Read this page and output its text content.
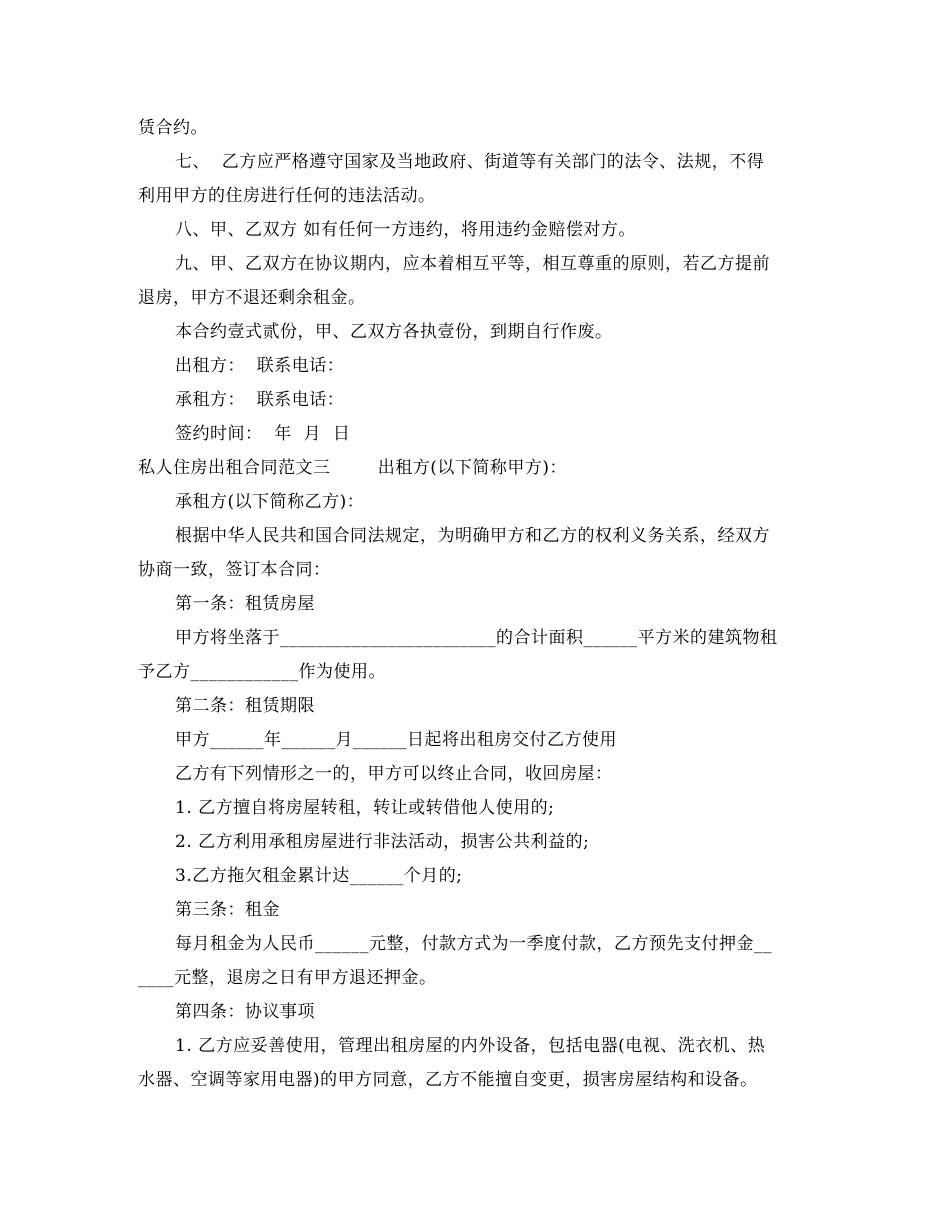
赁合约。
七、  乙方应严格遵守国家及当地政府、街道等有关部门的法令、法规，不得
利用甲方的住房进行任何的违法活动。
八、甲、乙双方 如有任何一方违约，将用违约金赔偿对方。
九、甲、乙双方在协议期内，应本着相互平等，相互尊重的原则，若乙方提前
退房，甲方不退还剩余租金。
本合约壹式贰份，甲、乙双方各执壹份，到期自行作废。
出租方：  联系电话：
承租方：  联系电话：
签约时间：  年  月  日
私人住房出租合同范文三        出租方(以下简称甲方)：
承租方(以下简称乙方)：
根据中华人民共和国合同法规定，为明确甲方和乙方的权利义务关系，经双方
协商一致，签订本合同：
第一条：租赁房屋
甲方将坐落于________________________的合计面积______平方米的建筑物租
予乙方____________作为使用。
第二条：租赁期限
甲方______年______月______日起将出租房交付乙方使用
乙方有下列情形之一的，甲方可以终止合同，收回房屋：
1. 乙方擅自将房屋转租，转让或转借他人使用的;
2. 乙方利用承租房屋进行非法活动，损害公共利益的;
3.乙方拖欠租金累计达______个月的;
第三条：租金
每月租金为人民币______元整，付款方式为一季度付款，乙方预先支付押金__
____元整，退房之日有甲方退还押金。
第四条：协议事项
1. 乙方应妥善使用，管理出租房屋的内外设备，包括电器(电视、洗衣机、热
水器、空调等家用电器)的甲方同意，乙方不能擅自变更，损害房屋结构和设备。
